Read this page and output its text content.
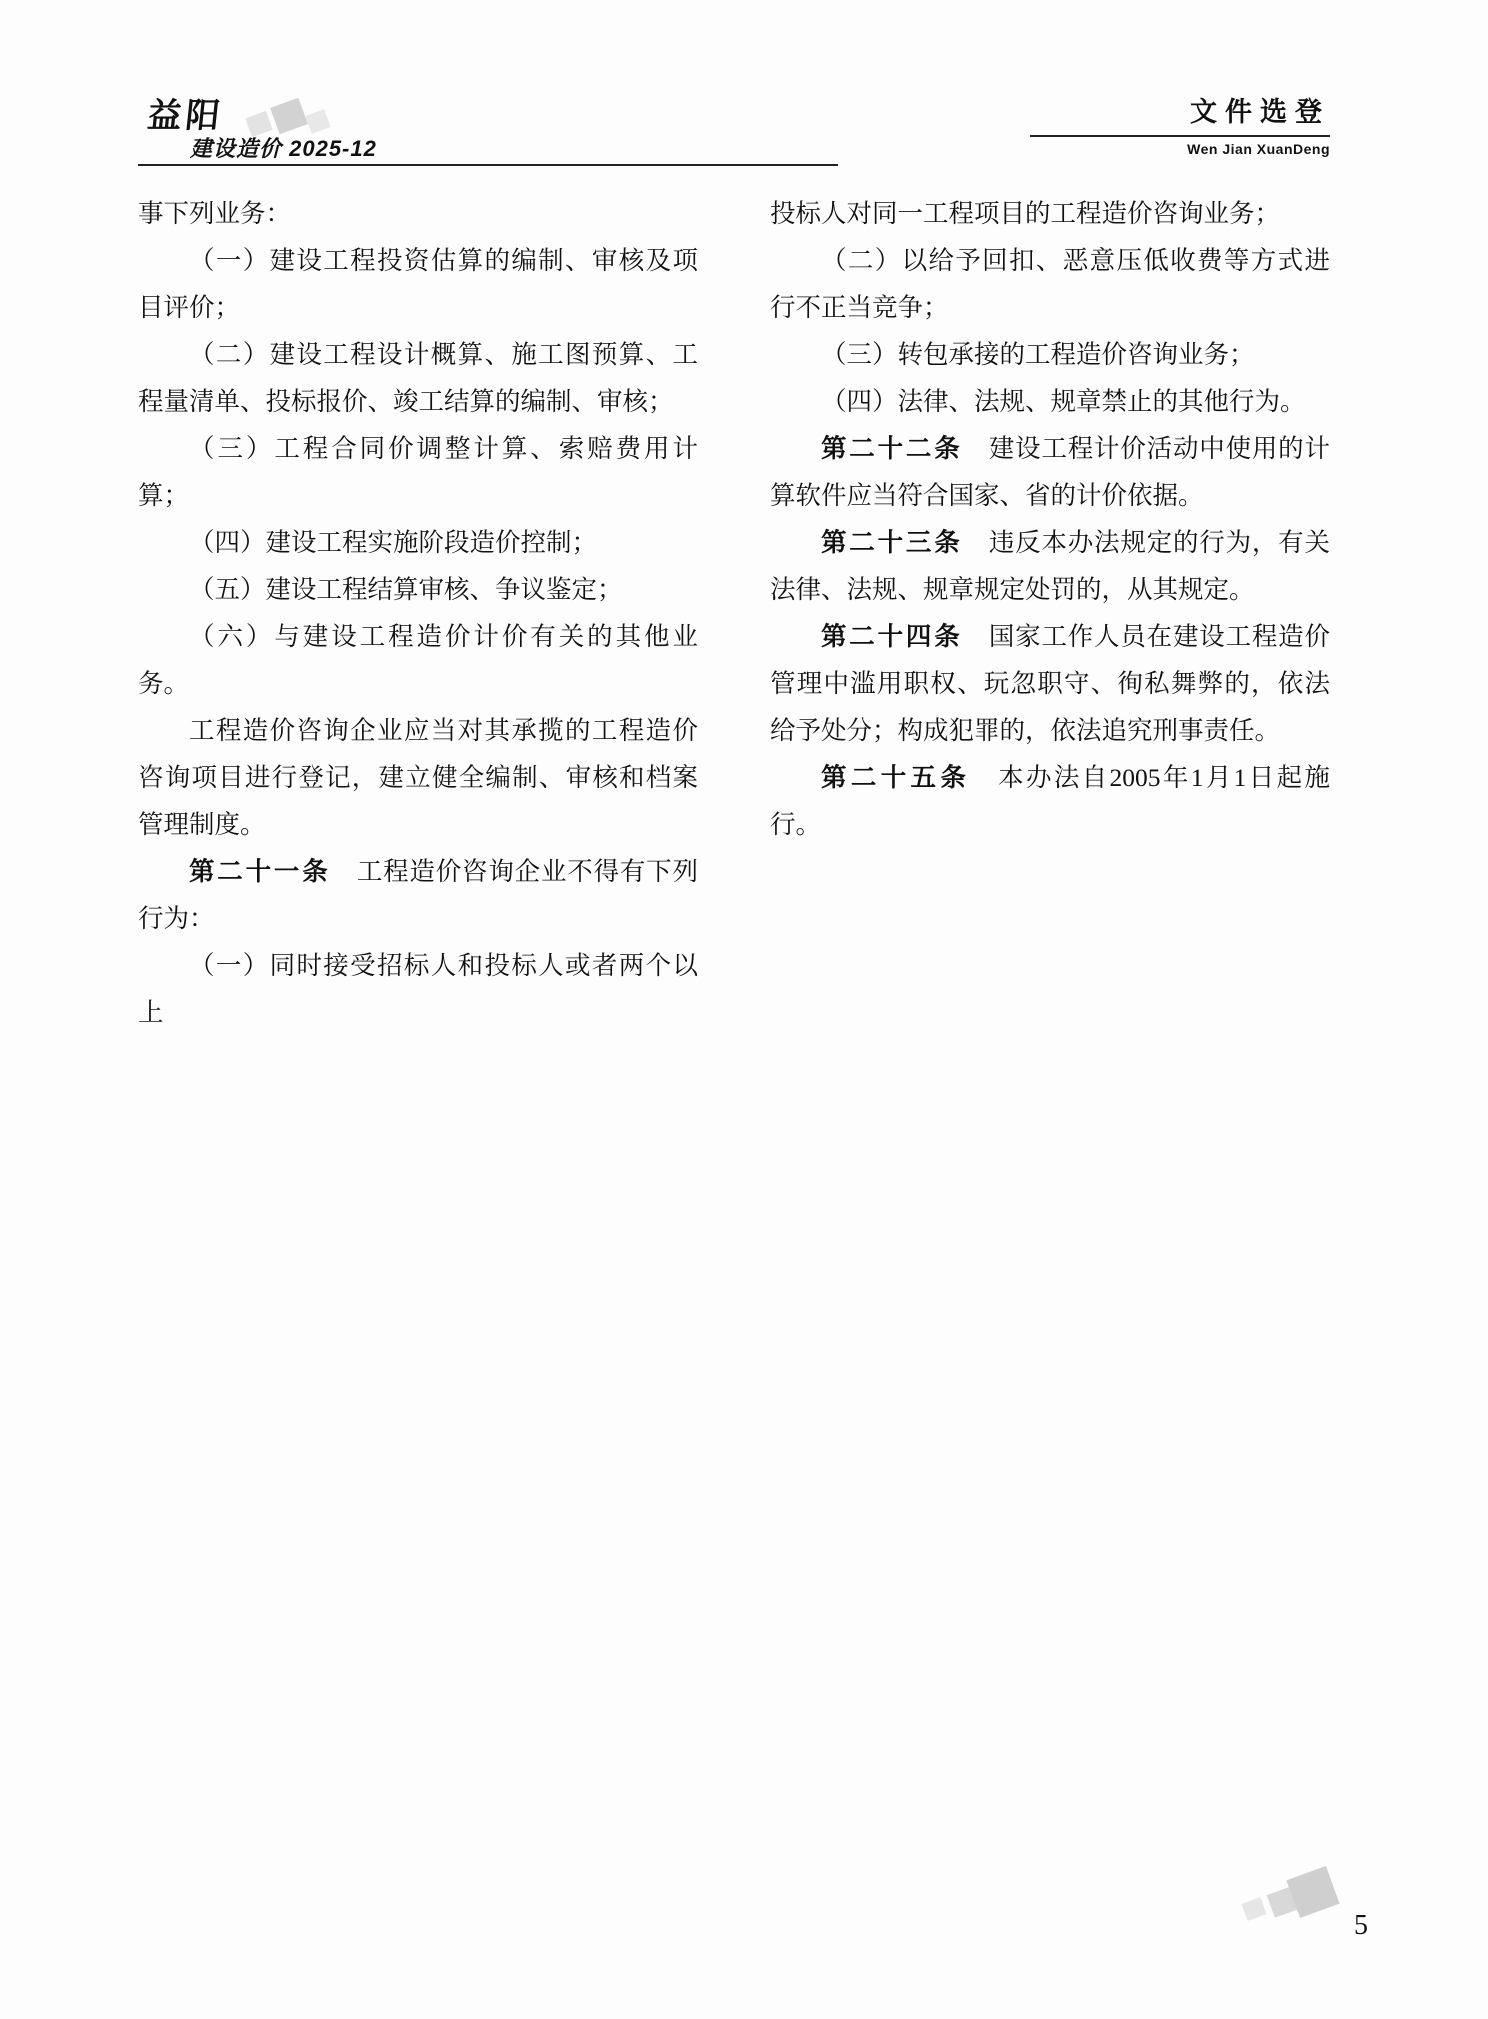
益阳
建设造价 2025-12
文件选登
Wen Jian XuanDeng

事下列业务：

（一）建设工程投资估算的编制、审核及项目评价；

（二）建设工程设计概算、施工图预算、工程量清单、投标报价、竣工结算的编制、审核；

（三）工程合同价调整计算、索赔费用计算；

（四）建设工程实施阶段造价控制；

（五）建设工程结算审核、争议鉴定；

（六）与建设工程造价计价有关的其他业务。

工程造价咨询企业应当对其承揽的工程造价咨询项目进行登记，建立健全编制、审核和档案管理制度。

第二十一条　工程造价咨询企业不得有下列行为：

（一）同时接受招标人和投标人或者两个以上

投标人对同一工程项目的工程造价咨询业务；

（二）以给予回扣、恶意压低收费等方式进行不正当竞争；

（三）转包承接的工程造价咨询业务；

（四）法律、法规、规章禁止的其他行为。

第二十二条　建设工程计价活动中使用的计算软件应当符合国家、省的计价依据。

第二十三条　违反本办法规定的行为，有关法律、法规、规章规定处罚的，从其规定。

第二十四条　国家工作人员在建设工程造价管理中滥用职权、玩忽职守、徇私舞弊的，依法给予处分；构成犯罪的，依法追究刑事责任。

第二十五条　本办法自2005年1月1日起施行。

5
